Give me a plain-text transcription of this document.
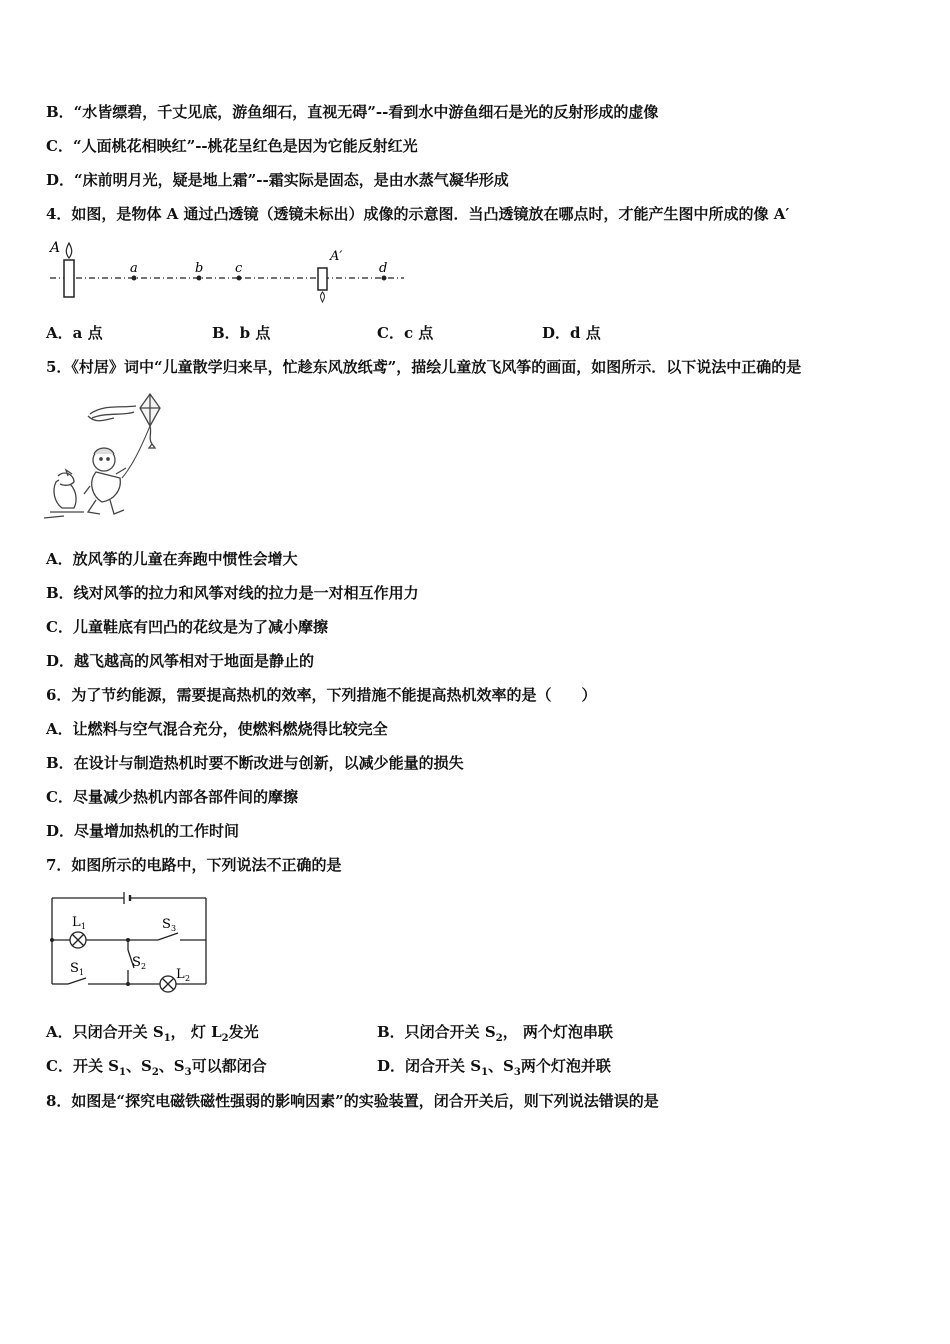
B．“水皆缥碧，千丈见底，游鱼细石，直视无碍”--看到水中游鱼细石是光的反射形成的虚像
C．“人面桃花相映红”--桃花呈红色是因为它能反射红光
D．“床前明月光，疑是地上霜”--霜实际是固态，是由水蒸气凝华形成
4．如图，是物体 A 通过凸透镜（透镜未标出）成像的示意图．当凸透镜放在哪点时，才能产生图中所成的像 A′
A
a	b c
A′
d
A．a 点	B．b 点	C．c 点	D．d 点
5．《村居》词中“儿童散学归来早，忙趁东风放纸鸢”，描绘儿童放飞风筝的画面，如图所示．以下说法中正确的是
A．放风筝的儿童在奔跑中惯性会增大
B．线对风筝的拉力和风筝对线的拉力是一对相互作用力
C．儿童鞋底有凹凸的花纹是为了减小摩擦
D．越飞越高的风筝相对于地面是静止的
6．为了节约能源，需要提高热机的效率，下列措施不能提高热机效率的是（　　）
A．让燃料与空气混合充分，使燃料燃烧得比较完全
B．在设计与制造热机时要不断改进与创新，以减少能量的损失
C．尽量减少热机内部各部件间的摩擦
D．尽量增加热机的工作时间
7．如图所示的电路中，下列说法不正确的是
L 1	S 3
S 2
S 1	L 2
A．只闭合开关 $S_1$， 灯 $L_2$发光	B．只闭合开关 $S_2$， 两个灯泡串联
C．开关 $S_1$、$S_2$、$S_3$可以都闭合	D．闭合开关 $S_1$、$S_3$两个灯泡并联
8．如图是“探究电磁铁磁性强弱的影响因素”的实验装置，闭合开关后，则下列说法错误的是
